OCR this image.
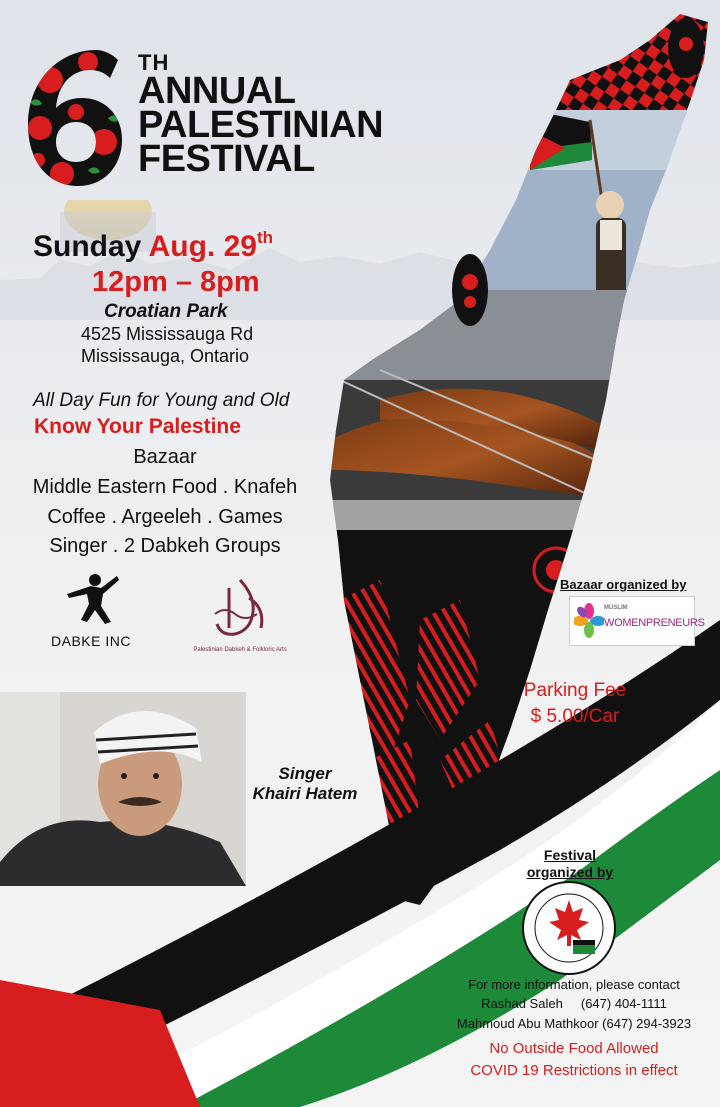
TH
ANNUAL
PALESTINIAN
FESTIVAL
Sunday Aug. 29th
12pm – 8pm
Croatian Park
4525 Mississauga Rd
Mississauga, Ontario
All Day Fun for Young and Old
Know Your Palestine
Bazaar
Middle Eastern Food . Knafeh
Coffee . Argeeleh . Games
Singer . 2 Dabkeh Groups
DABKE INC
Palestinian Dabkeh & Folkloric Arts
Singer
Khairi Hatem
Bazaar organized by
MUSLIM
WOMENPRENEURS
Parking Fee
$ 5.00/Car
Festival
organized by
For more information, please contact
Rashad Saleh (647) 404-1111
Mahmoud Abu Mathkoor (647) 294-3923
No Outside Food Allowed
COVID 19 Restrictions in effect
